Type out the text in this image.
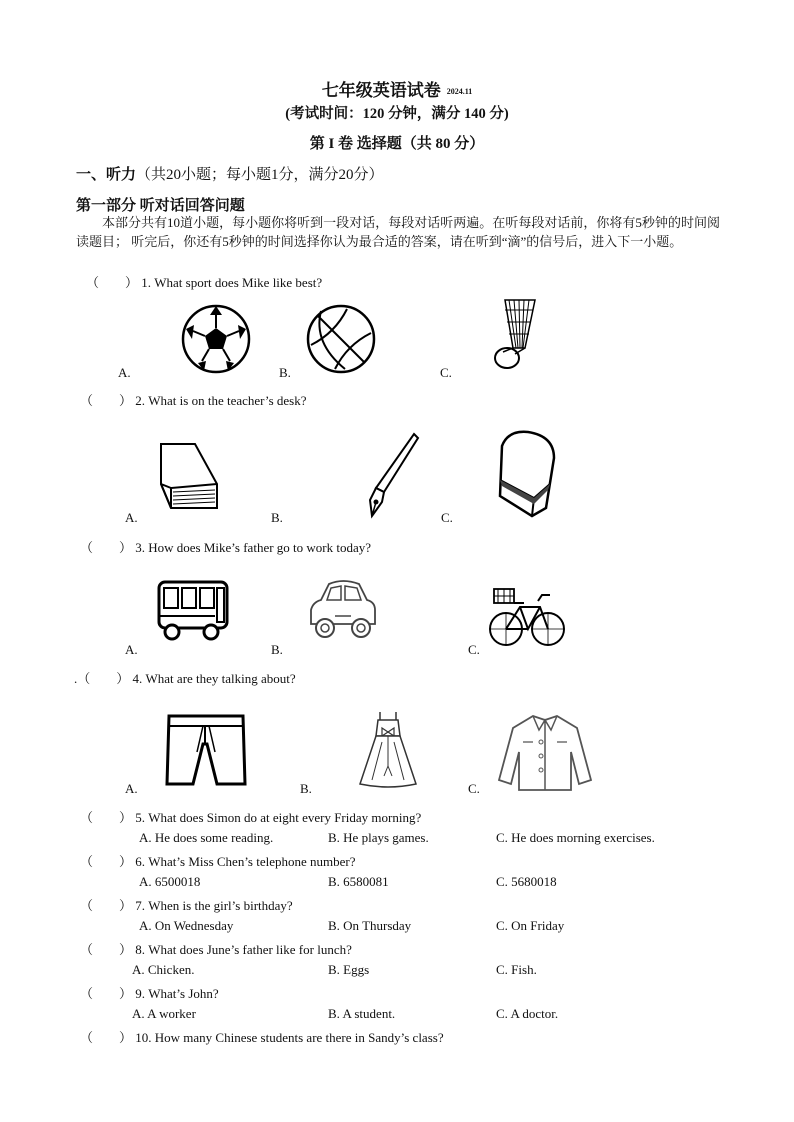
七年级英语试卷 2024.11
(考试时间：120 分钟，满分 140 分)
第 I 卷 选择题（共 80 分）
一、听力（共20小题；每小题1分，满分20分）
第一部分 听对话回答问题
本部分共有10道小题，每小题你将听到一段对话，每段对话听两遍。在听每段对话前，你将有5秒钟的时间阅读题目； 听完后，你还有5秒钟的时间选择你认为最合适的答案，请在听到“滴”的信号后，进入下一小题。
（　　） 1. What sport does Mike like best?
A.	B.	C.
（　　） 2. What is on the teacher’s desk?
A.	B.	C.
（　　） 3. How does Mike’s father go to work today?
A.	B.	C.
.（　　） 4. What are they talking about?
A.	B.	C.
（　　） 5. What does Simon do at eight every Friday morning?
A. He does some reading.	B. He plays games.	C. He does morning exercises.
（　　） 6. What’s Miss Chen’s telephone number?
A. 6500018	B. 6580081	C. 5680018
（　　） 7. When is the girl’s birthday?
A. On Wednesday	B. On Thursday	C. On Friday
（　　） 8. What does June’s father like for lunch?
A. Chicken.	B. Eggs	C. Fish.
（　　） 9. What’s John?
A. A worker	B. A student.	C. A doctor.
（　　） 10. How many Chinese students are there in Sandy’s class?
